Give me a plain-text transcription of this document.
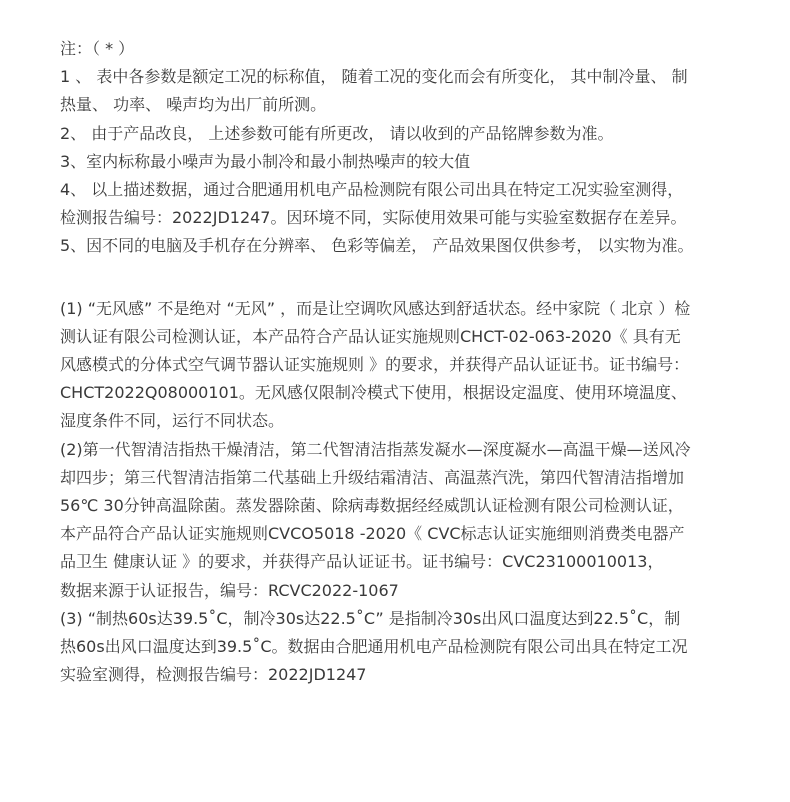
注：（ * ）
1 、 表中各参数是额定工况的标称值， 随着工况的变化而会有所变化， 其中制冷量、 制
热量、 功率、 噪声均为出厂前所测。
2、 由于产品改良， 上述参数可能有所更改， 请以收到的产品铭牌参数为准。
3、室内标称最小噪声为最小制冷和最小制热噪声的较大值
4、 以上描述数据，通过合肥通用机电产品检测院有限公司出具在特定工况实验室测得，
检测报告编号：2022JD1247。因环境不同，实际使用效果可能与实验室数据存在差异。
5、因不同的电脑及手机存在分辨率、 色彩等偏差， 产品效果图仅供参考， 以实物为准。
(1) “无风感” 不是绝对 “无风” ，而是让空调吹风感达到舒适状态。经中家院（ 北京 ）检
测认证有限公司检测认证，本产品符合产品认证实施规则CHCT-02-063-2020《 具有无
风感模式的分体式空气调节器认证实施规则 》的要求，并获得产品认证证书。证书编号：
CHCT2022Q08000101。无风感仅限制冷模式下使用，根据设定温度、使用环境温度、
湿度条件不同，运行不同状态。
(2)第一代智清洁指热干燥清洁，第二代智清洁指蒸发凝水—深度凝水—高温干燥—送风冷
却四步；第三代智清洁指第二代基础上升级结霜清洁、高温蒸汽洗，第四代智清洁指增加
56℃ 30分钟高温除菌。蒸发器除菌、除病毒数据经经威凯认证检测有限公司检测认证，
本产品符合产品认证实施规则CVCO5018 -2020《 CVC标志认证实施细则消费类电器产
品卫生 健康认证 》的要求，并获得产品认证证书。证书编号：CVC23100010013，
数据来源于认证报告，编号：RCVC2022-1067
(3) “制热60s达39.5˚C，制冷30s达22.5˚C” 是指制冷30s出风口温度达到22.5˚C，制
热60s出风口温度达到39.5˚C。数据由合肥通用机电产品检测院有限公司出具在特定工况
实验室测得，检测报告编号：2022JD1247
